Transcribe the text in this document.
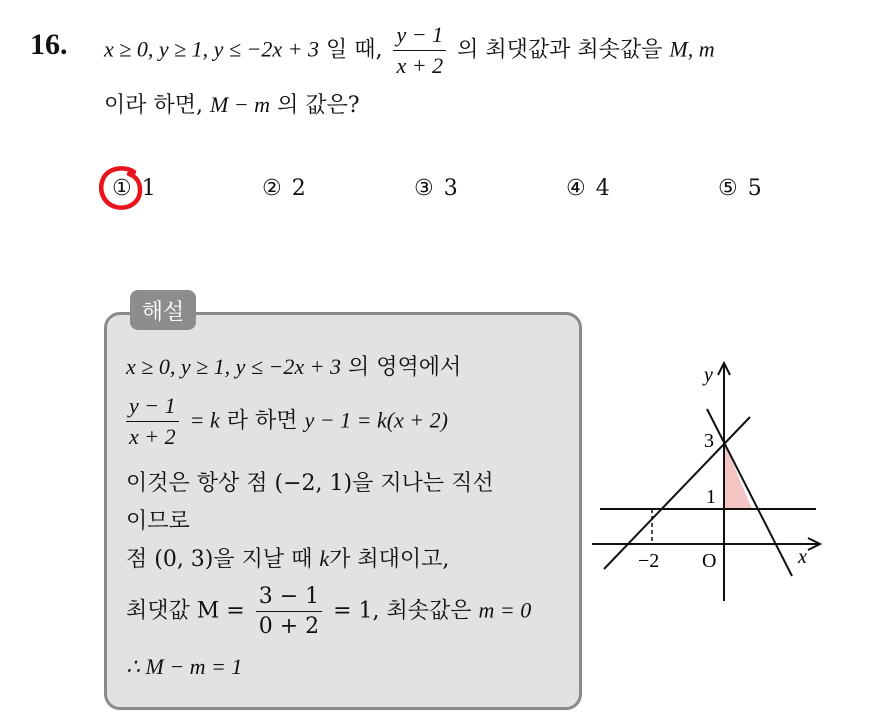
16. x ≥ 0, y ≥ 1, y ≤ −2x + 3 일 때, $\frac{y - 1}{x + 2}$ 의 최댓값과 최솟값을 M, m
이라 하면, M − m 의 값은?
① 1	② 2	③ 3	④ 4	⑤ 5
해설
x ≥ 0, y ≥ 1, y ≤ −2x + 3 의 영역에서
$\frac{y - 1}{x + 2} = k$ 라 하면 y − 1 = k(x + 2)
이것은 항상 점 (−2, 1)을 지나는 직선
이므로
점 (0, 3)을 지날 때 k가 최대이고,
최댓값 $M = \frac{3 - 1}{0 + 2} = 1$, 최솟값은 m = 0
∴ M − m = 1
y
x
O
3
1
−2
